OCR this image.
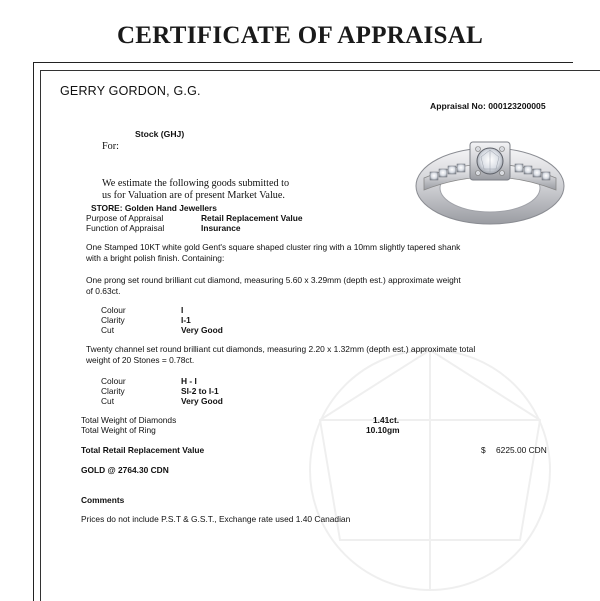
CERTIFICATE OF APPRAISAL
GERRY GORDON, G.G.
Appraisal No: 000123200005
Stock (GHJ)
For:
We estimate the following goods submitted to
us for Valuation are of present Market Value.
STORE: Golden Hand Jewellers
Purpose of Appraisal	Retail Replacement Value
Function of Appraisal	Insurance
One Stamped 10KT white gold Gent's square shaped cluster ring with a 10mm slightly tapered shank
with a bright polish finish. Containing:
One prong set round brilliant cut diamond, measuring 5.60 x 3.29mm (depth est.) approximate weight
of 0.63ct.
Colour	I
Clarity	I-1
Cut	Very Good
Twenty channel set round brilliant cut diamonds, measuring 2.20 x 1.32mm (depth est.) approximate total
weight of 20 Stones = 0.78ct.
Colour	H - I
Clarity	SI-2 to I-1
Cut	Very Good
Total Weight of Diamonds	1.41ct.
Total Weight of Ring	10.10gm
Total Retail Replacement Value	$ 6225.00 CDN
GOLD @ 2764.30 CDN
Comments
Prices do not include P.S.T & G.S.T., Exchange rate used 1.40 Canadian
